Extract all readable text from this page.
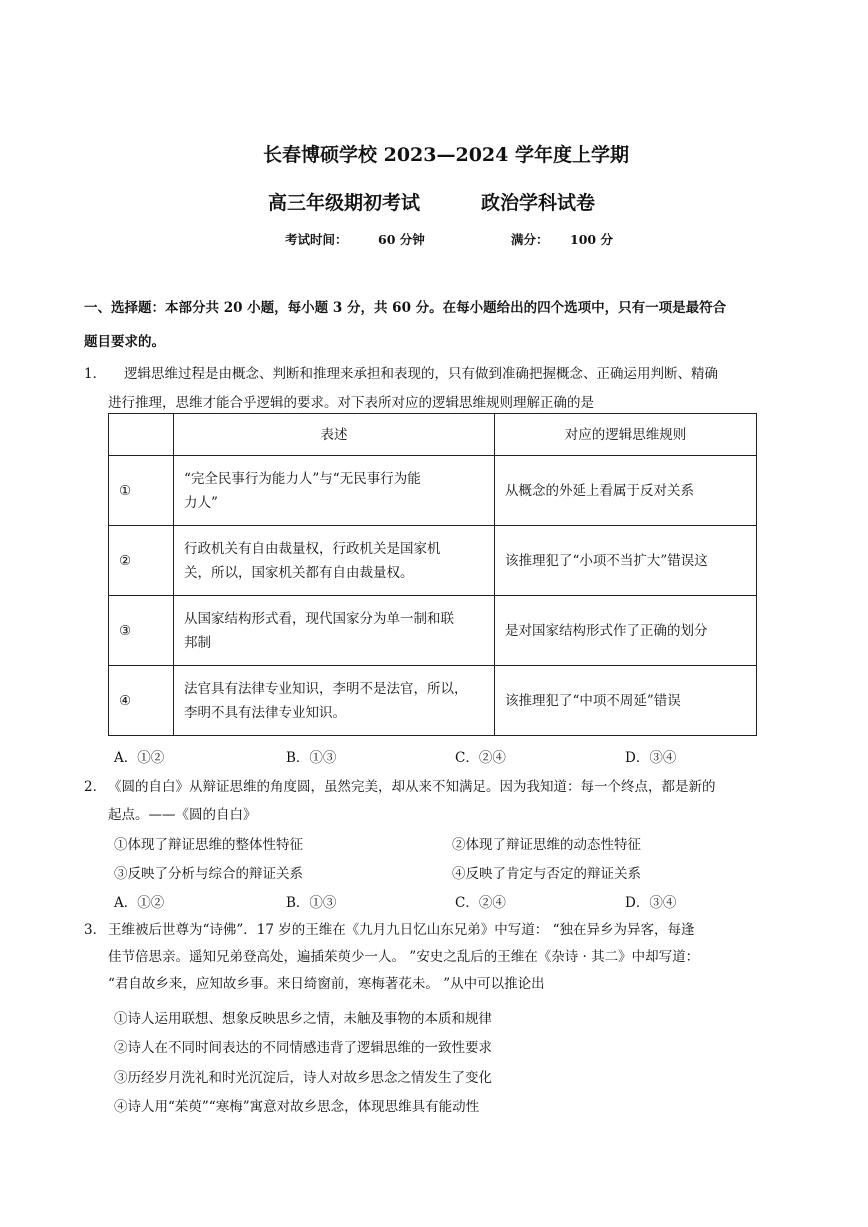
长春博硕学校 2023—2024 学年度上学期
高三年级期初考试	政治学科试卷
考试时间： 60 分钟	满分： 100 分
一、选择题：本部分共 20 小题，每小题 3 分，共 60 分。在每小题给出的四个选项中，只有一项是最符合
题目要求的。
1． 逻辑思维过程是由概念、判断和推理来承担和表现的，只有做到准确把握概念、正确运用判断、精确
进行推理，思维才能合乎逻辑的要求。对下表所对应的逻辑思维规则理解正确的是
	表述	对应的逻辑思维规则
①	“完全民事行为能力人”与“无民事行为能
力人”	从概念的外延上看属于反对关系
②	行政机关有自由裁量权，行政机关是国家机
关，所以，国家机关都有自由裁量权。	该推理犯了“小项不当扩大”错误这
③	从国家结构形式看，现代国家分为单一制和联
邦制	是对国家结构形式作了正确的划分
④	法官具有法律专业知识，李明不是法官，所以，
李明不具有法律专业知识。	该推理犯了“中项不周延”错误
A．①②	B．①③	C．②④	D．③④
2． 《圆的自白》从辩证思维的角度圆，虽然完美，却从来不知满足。因为我知道：每一个终点，都是新的
起点。——《圆的自白》
①体现了辩证思维的整体性特征	②体现了辩证思维的动态性特征
③反映了分析与综合的辩证关系	④反映了肯定与否定的辩证关系
A．①②	B．①③	C．②④	D．③④
3． 王维被后世尊为“诗佛”．17 岁的王维在《九月九日忆山东兄弟》中写道： “独在异乡为异客，每逢
佳节倍思亲。遥知兄弟登高处，遍插茱萸少一人。 ”安史之乱后的王维在《杂诗 · 其二》中却写道：
“君自故乡来，应知故乡事。来日绮窗前，寒梅著花未。 ”从中可以推论出
①诗人运用联想、想象反映思乡之情，未触及事物的本质和规律
②诗人在不同时间表达的不同情感违背了逻辑思维的一致性要求
③历经岁月洗礼和时光沉淀后，诗人对故乡思念之情发生了变化
④诗人用“茱萸”“寒梅”寓意对故乡思念，体现思维具有能动性
